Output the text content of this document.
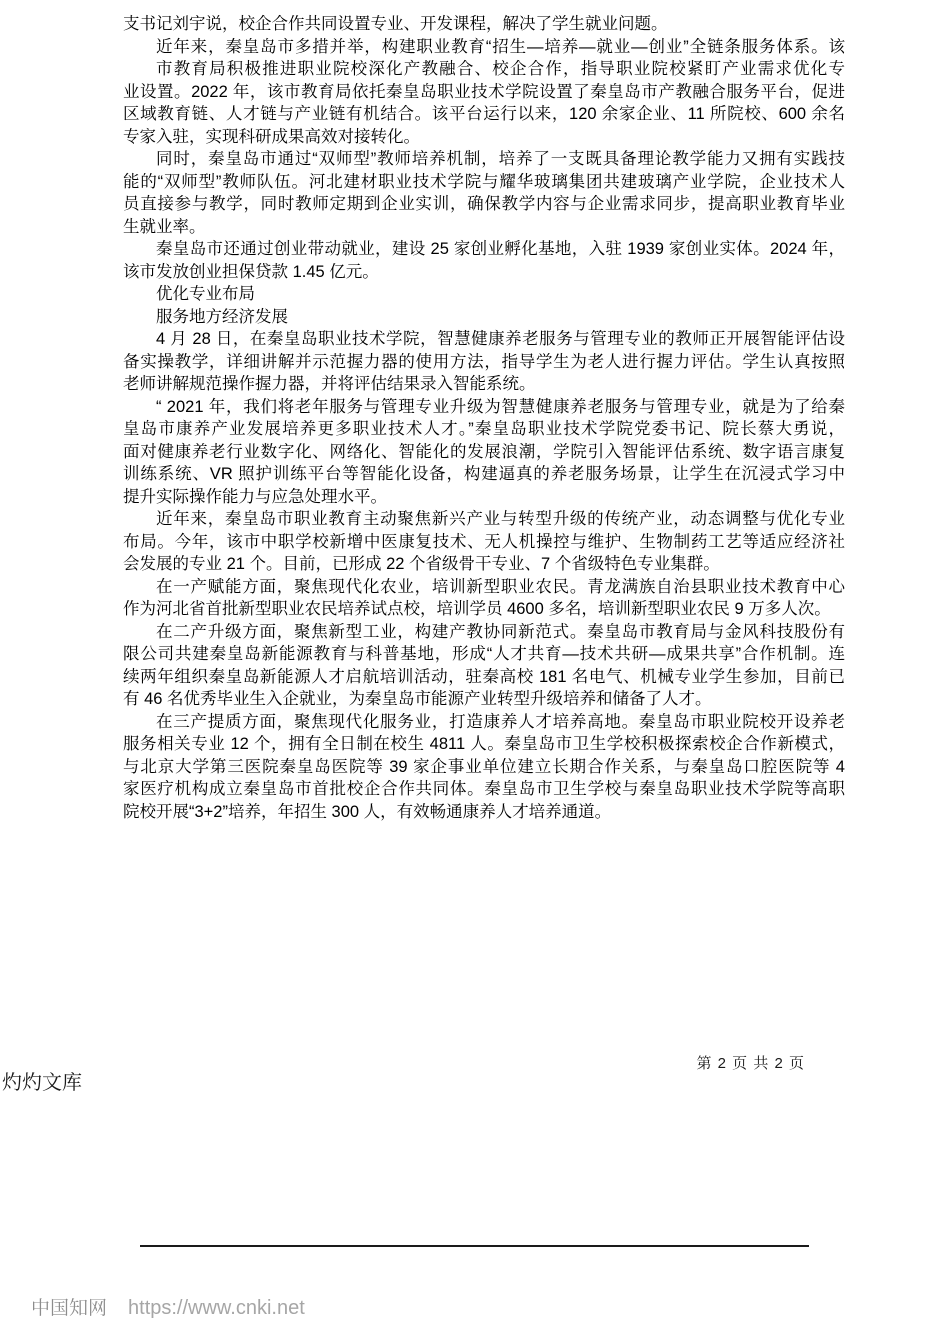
支书记刘宇说，校企合作共同设置专业、开发课程，解决了学生就业问题。
近年来，秦皇岛市多措并举，构建职业教育“招生—培养—就业—创业”全链条服务体系。该
市教育局积极推进职业院校深化产教融合、校企合作，指导职业院校紧盯产业需求优化专
业设置。2022 年，该市教育局依托秦皇岛职业技术学院设置了秦皇岛市产教融合服务平台，促进
区域教育链、人才链与产业链有机结合。该平台运行以来，120 余家企业、11 所院校、600 余名
专家入驻，实现科研成果高效对接转化。
同时，秦皇岛市通过“双师型”教师培养机制，培养了一支既具备理论教学能力又拥有实践技
能的“双师型”教师队伍。河北建材职业技术学院与耀华玻璃集团共建玻璃产业学院，企业技术人
员直接参与教学，同时教师定期到企业实训，确保教学内容与企业需求同步，提高职业教育毕业
生就业率。
秦皇岛市还通过创业带动就业，建设 25 家创业孵化基地，入驻 1939 家创业实体。2024 年，
该市发放创业担保贷款 1.45 亿元。
优化专业布局
服务地方经济发展
4 月 28 日，在秦皇岛职业技术学院，智慧健康养老服务与管理专业的教师正开展智能评估设
备实操教学，详细讲解并示范握力器的使用方法，指导学生为老人进行握力评估。学生认真按照
老师讲解规范操作握力器，并将评估结果录入智能系统。
“ 2021 年，我们将老年服务与管理专业升级为智慧健康养老服务与管理专业，就是为了给秦
皇岛市康养产业发展培养更多职业技术人才。”秦皇岛职业技术学院党委书记、院长蔡大勇说，
面对健康养老行业数字化、网络化、智能化的发展浪潮，学院引入智能评估系统、数字语言康复
训练系统、VR 照护训练平台等智能化设备，构建逼真的养老服务场景，让学生在沉浸式学习中
提升实际操作能力与应急处理水平。
近年来，秦皇岛市职业教育主动聚焦新兴产业与转型升级的传统产业，动态调整与优化专业
布局。今年，该市中职学校新增中医康复技术、无人机操控与维护、生物制药工艺等适应经济社
会发展的专业 21 个。目前，已形成 22 个省级骨干专业、7 个省级特色专业集群。
在一产赋能方面，聚焦现代化农业，培训新型职业农民。青龙满族自治县职业技术教育中心
作为河北省首批新型职业农民培养试点校，培训学员 4600 多名，培训新型职业农民 9 万多人次。
在二产升级方面，聚焦新型工业，构建产教协同新范式。秦皇岛市教育局与金风科技股份有
限公司共建秦皇岛新能源教育与科普基地，形成“人才共育—技术共研—成果共享”合作机制。连
续两年组织秦皇岛新能源人才启航培训活动，驻秦高校 181 名电气、机械专业学生参加，目前已
有 46 名优秀毕业生入企就业，为秦皇岛市能源产业转型升级培养和储备了人才。
在三产提质方面，聚焦现代化服务业，打造康养人才培养高地。秦皇岛市职业院校开设养老
服务相关专业 12 个，拥有全日制在校生 4811 人。秦皇岛市卫生学校积极探索校企合作新模式，
与北京大学第三医院秦皇岛医院等 39 家企事业单位建立长期合作关系，与秦皇岛口腔医院等 4
家医疗机构成立秦皇岛市首批校企合作共同体。秦皇岛市卫生学校与秦皇岛职业技术学院等高职
院校开展“3+2”培养，年招生 300 人，有效畅通康养人才培养通道。
第 2 页 共 2 页
灼灼文库
中国知网 https://www.cnki.net
